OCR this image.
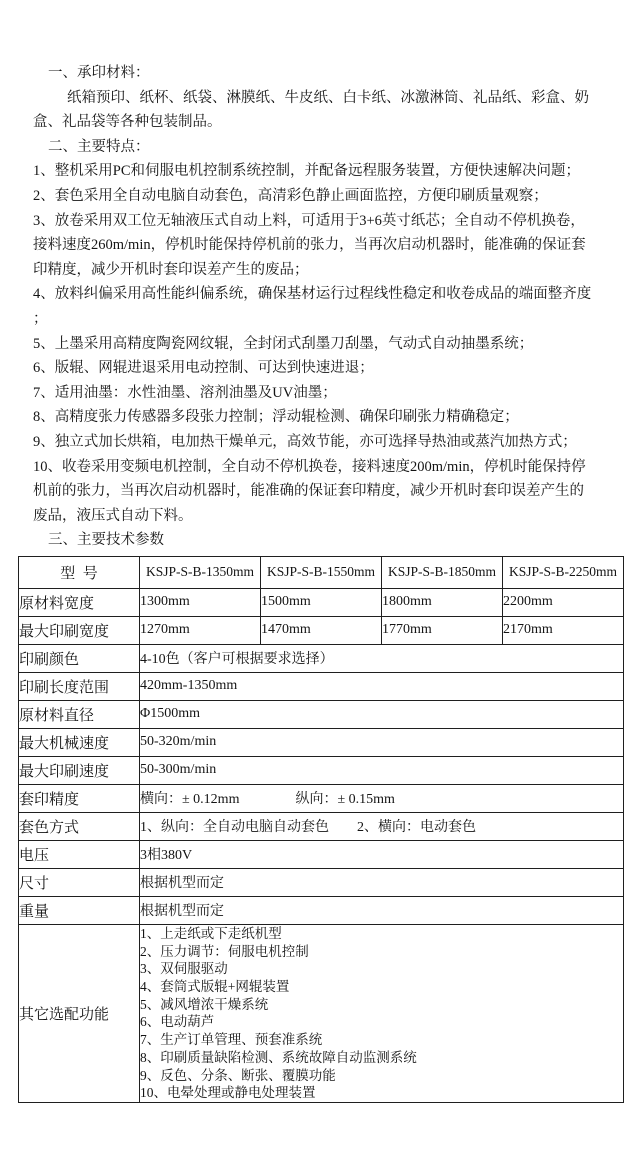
一、承印材料：
纸箱预印、纸杯、纸袋、淋膜纸、牛皮纸、白卡纸、冰激淋筒、礼品纸、彩盒、奶
盒、礼品袋等各种包装制品。
二、主要特点：
1、整机采用PC和伺服电机控制系统控制，并配备远程服务装置，方便快速解决问题；
2、套色采用全自动电脑自动套色，高清彩色静止画面监控，方便印刷质量观察；
3、放卷采用双工位无轴液压式自动上料，可适用于3+6英寸纸芯；全自动不停机换卷，
接料速度260m/min，停机时能保持停机前的张力，当再次启动机器时，能准确的保证套
印精度，减少开机时套印误差产生的废品；
4、放料纠偏采用高性能纠偏系统，确保基材运行过程线性稳定和收卷成品的端面整齐度
；
5、上墨采用高精度陶瓷网纹辊，全封闭式刮墨刀刮墨，气动式自动抽墨系统；
6、版辊、网辊进退采用电动控制、可达到快速进退；
7、适用油墨：水性油墨、溶剂油墨及UV油墨；
8、高精度张力传感器多段张力控制；浮动辊检测、确保印刷张力精确稳定；
9、独立式加长烘箱，电加热干燥单元，高效节能，亦可选择导热油或蒸汽加热方式；
10、收卷采用变频电机控制，全自动不停机换卷，接料速度200m/min，停机时能保持停
机前的张力，当再次启动机器时，能准确的保证套印精度，减少开机时套印误差产生的
废品，液压式自动下料。
三、主要技术参数
型  号	KSJP-S-B-1350mm	KSJP-S-B-1550mm	KSJP-S-B-1850mm	KSJP-S-B-2250mm
原材料宽度	1300mm	1500mm	1800mm	2200mm
最大印刷宽度	1270mm	1470mm	1770mm	2170mm
印刷颜色	4-10色（客户可根据要求选择）			
印刷长度范围	420mm-1350mm			
原材料直径	Φ1500mm			
最大机械速度	50-320m/min			
最大印刷速度	50-300m/min			
套印精度	横向：± 0.12mm　　　　纵向：± 0.15mm			
套色方式	1、纵向：全自动电脑自动套色　　2、横向：电动套色			
电压	3相380V			
尺寸	根据机型而定			
重量	根据机型而定			
其它选配功能	
1、上走纸或下走纸机型
2、压力调节：伺服电机控制
3、双伺服驱动
4、套筒式版辊+网辊装置
5、减风增浓干燥系统
6、电动葫芦
7、生产订单管理、预套准系统
8、印刷质量缺陷检测、系统故障自动监测系统
9、反色、分条、断张、覆膜功能
10、电晕处理或静电处理装置
